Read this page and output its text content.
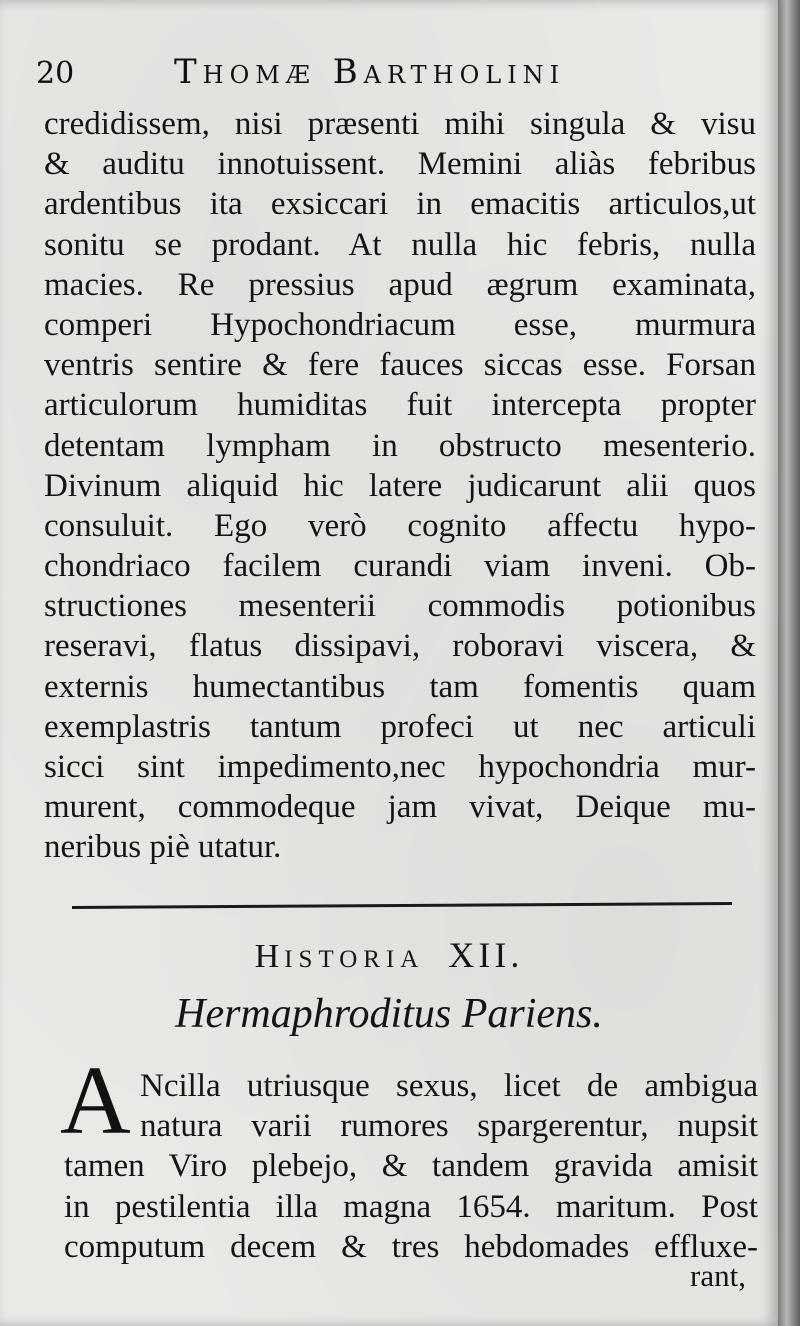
20	Thomæ Bartholini
credidissem, nisi præsenti mihi singula & visu
& auditu innotuissent. Memini aliàs febribus
ardentibus ita exsiccari in emacitis articulos,ut
sonitu se prodant. At nulla hic febris, nulla
macies. Re pressius apud ægrum examinata,
comperi Hypochondriacum esse, murmura
ventris sentire & fere fauces siccas esse. Forsan
articulorum humiditas fuit intercepta propter
detentam lympham in obstructo mesenterio.
Divinum aliquid hic latere judicarunt alii quos
consuluit. Ego verò cognito affectu hypo-
chondriaco facilem curandi viam inveni. Ob-
structiones mesenterii commodis potionibus
reseravi, flatus dissipavi, roboravi viscera, &
externis humectantibus tam fomentis quam
exemplastris tantum profeci ut nec articuli
sicci sint impedimento,nec hypochondria mur-
murent, commodeque jam vivat, Deique mu-
neribus piè utatur.
HISTORIA XII.
Hermaphroditus Pariens.
A Ncilla utriusque sexus, licet de ambigua
natura varii rumores spargerentur, nupsit
tamen Viro plebejo, & tandem gravida amisit
in pestilentia illa magna 1654. maritum. Post
computum decem & tres hebdomades effluxe-
rant,
